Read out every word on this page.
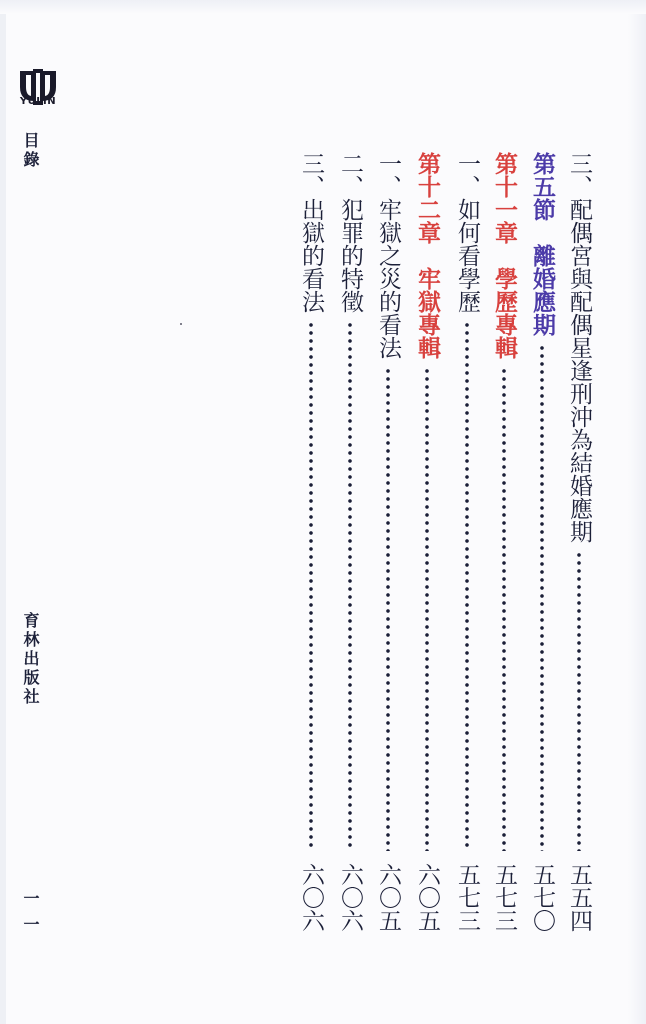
YULIN
目錄
育林出版社
一一
三、配偶宮與配偶星逢刑沖為結婚應期
五五四
第五節　離婚應期
五七〇
第十一章　學歷專輯
五七三
一、如何看學歷
五七三
第十二章　牢獄專輯
六〇五
一、牢獄之災的看法
六〇五
二、犯罪的特徵
六〇六
三、出獄的看法
六〇六
